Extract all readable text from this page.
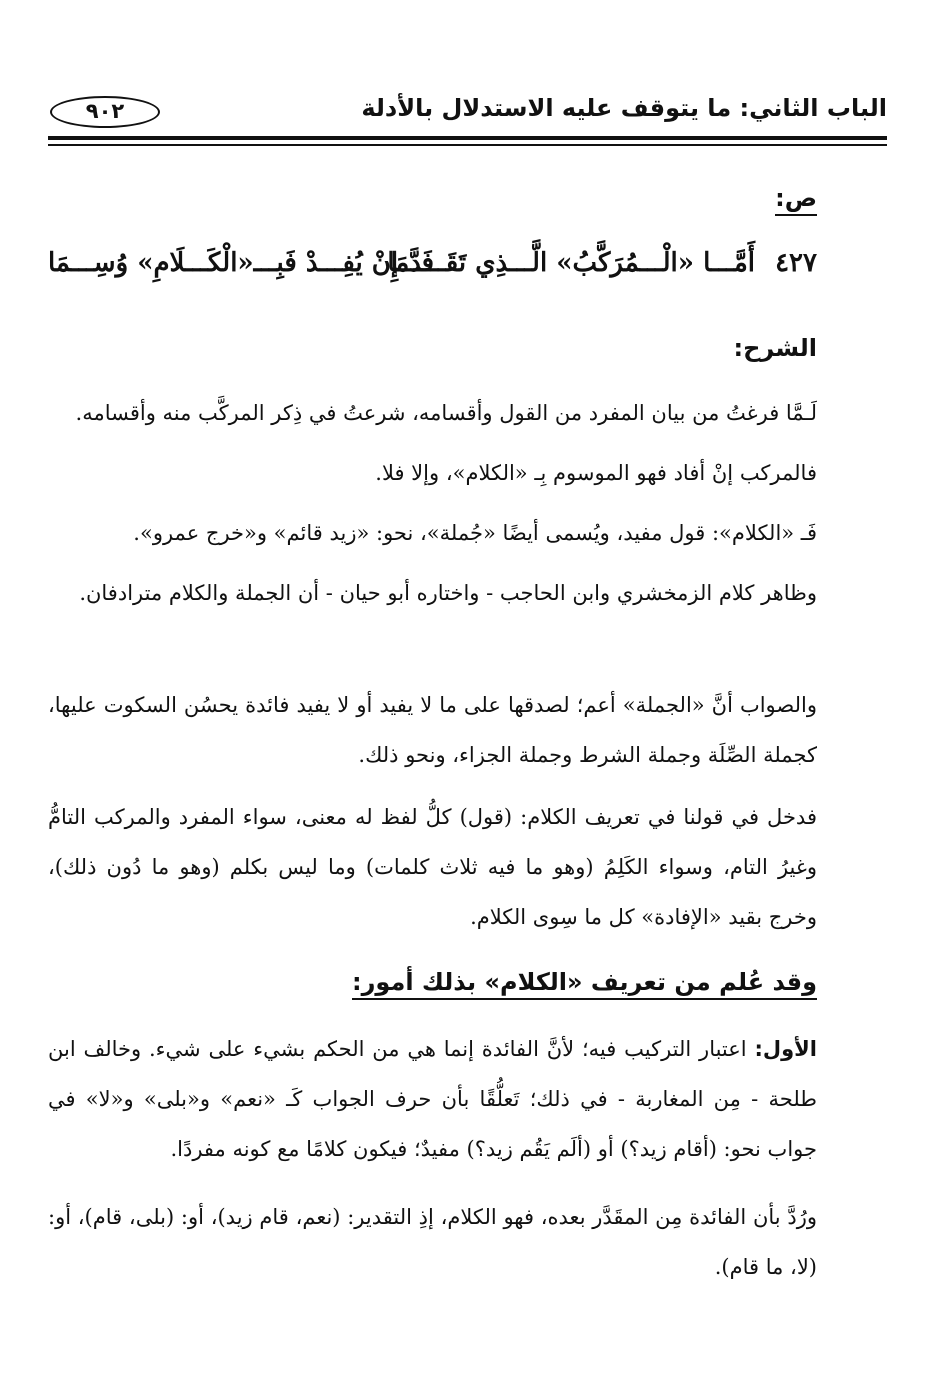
الباب الثاني: ما يتوقف عليه الاستدلال بالأدلة
٩٠٢
ص:
٤٢٧
أَمَّـــا «الْـــمُرَكَّبُ» الَّـــذِي تَقَـــدَّمَا
فَـــإِنْ يُفِـــدْ فَبِـــ«الْكَـــلَامِ» وُسِـــمَا
الشرح:

لَـمَّا فرغتُ من بيان المفرد من القول وأقسامه، شرعتُ في ذِكر المركَّب منه وأقسامه.

فالمركب إنْ أفاد فهو الموسوم بِـ «الكلام»، وإلا فلا.

فَـ «الكلام»: قول مفيد، ويُسمى أيضًا «جُملة»، نحو: «زيد قائم» و«خرج عمرو».

وظاهر كلام الزمخشري وابن الحاجب - واختاره أبو حيان - أن الجملة والكلام مترادفان.

والصواب أنَّ «الجملة» أعم؛ لصدقها على ما لا يفيد أو لا يفيد فائدة يحسُن السكوت عليها، كجملة الصِّلَة وجملة الشرط وجملة الجزاء، ونحو ذلك.

فدخل في قولنا في تعريف الكلام: (قول) كلُّ لفظ له معنى، سواء المفرد والمركب التامُّ وغيرُ التام، وسواء الكَلِمُ (وهو ما فيه ثلاث كلمات) وما ليس بكلم (وهو ما دُون ذلك)، وخرج بقيد «الإفادة» كل ما سِوى الكلام.

وقد عُلم من تعريف «الكلام» بذلك أمور:

الأول: اعتبار التركيب فيه؛ لأنَّ الفائدة إنما هي من الحكم بشيء على شيء. وخالف ابن طلحة - مِن المغاربة - في ذلك؛ تَعلُّقًا بأن حرف الجواب كَـ «نعم» و«بلى» و«لا» في جواب نحو: (أقام زيد؟) أو (ألَم يَقُم زيد؟) مفيدٌ؛ فيكون كلامًا مع كونه مفردًا.

ورُدَّ بأن الفائدة مِن المقَدَّر بعده، فهو الكلام، إذِ التقدير: (نعم، قام زيد)، أو: (بلى، قام)، أو: (لا، ما قام).
